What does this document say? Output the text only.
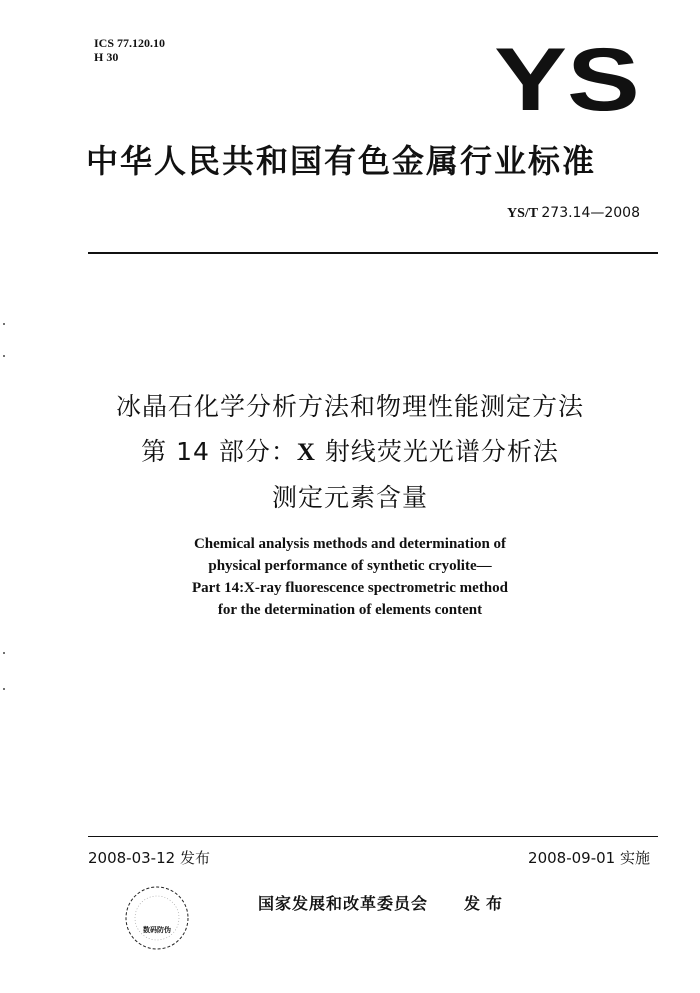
ICS 77.120.10
H 30	YS
中华人民共和国有色金属行业标准
YS/T 273.14—2008
冰晶石化学分析方法和物理性能测定方法
第 14 部分：X 射线荧光光谱分析法
测定元素含量
Chemical analysis methods and determination of
physical performance of synthetic cryolite—
Part 14:X-ray fluorescence spectrometric method
for the determination of elements content
2008-03-12 发布	2008-09-01 实施
数码防伪
国家发展和改革委员会 发布
